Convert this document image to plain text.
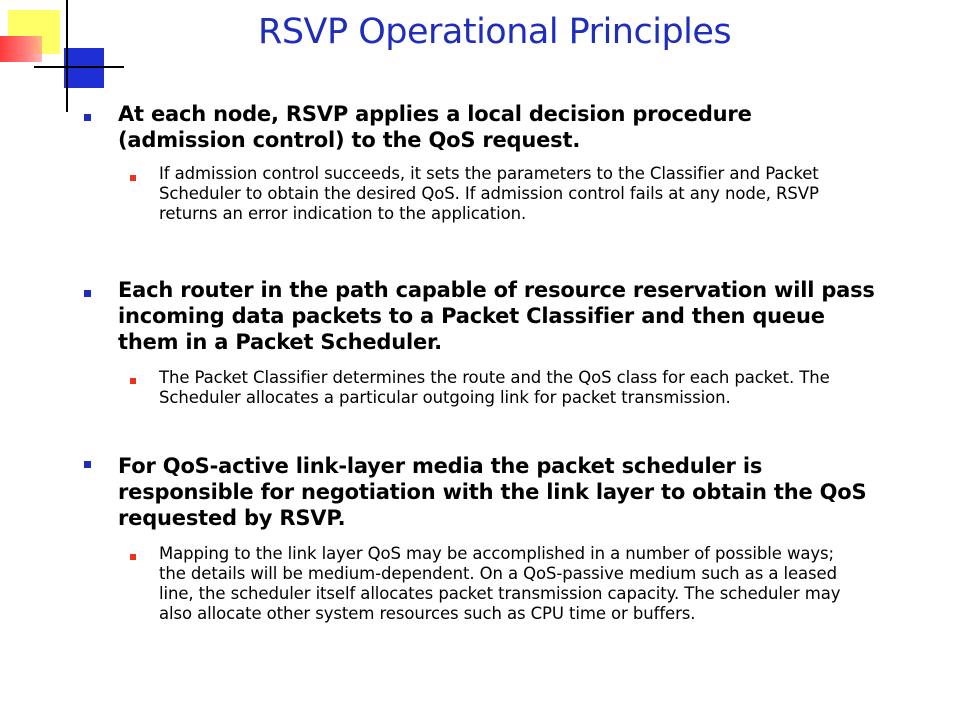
RSVP Operational Principles
At each node, RSVP applies a local decision procedure (admission control) to the QoS request.
If admission control succeeds, it sets the parameters to the Classifier and Packet Scheduler to obtain the desired QoS. If admission control fails at any node, RSVP returns an error indication to the application.
Each router in the path capable of resource reservation will pass incoming data packets to a Packet Classifier and then queue them in a Packet Scheduler.
The Packet Classifier determines the route and the QoS class for each packet. The Scheduler allocates a particular outgoing link for packet transmission.
For QoS-active link-layer media the packet scheduler is responsible for negotiation with the link layer to obtain the QoS requested by RSVP.
Mapping to the link layer QoS may be accomplished in a number of possible ways; the details will be medium-dependent. On a QoS-passive medium such as a leased line, the scheduler itself allocates packet transmission capacity. The scheduler may also allocate other system resources such as CPU time or buffers.
